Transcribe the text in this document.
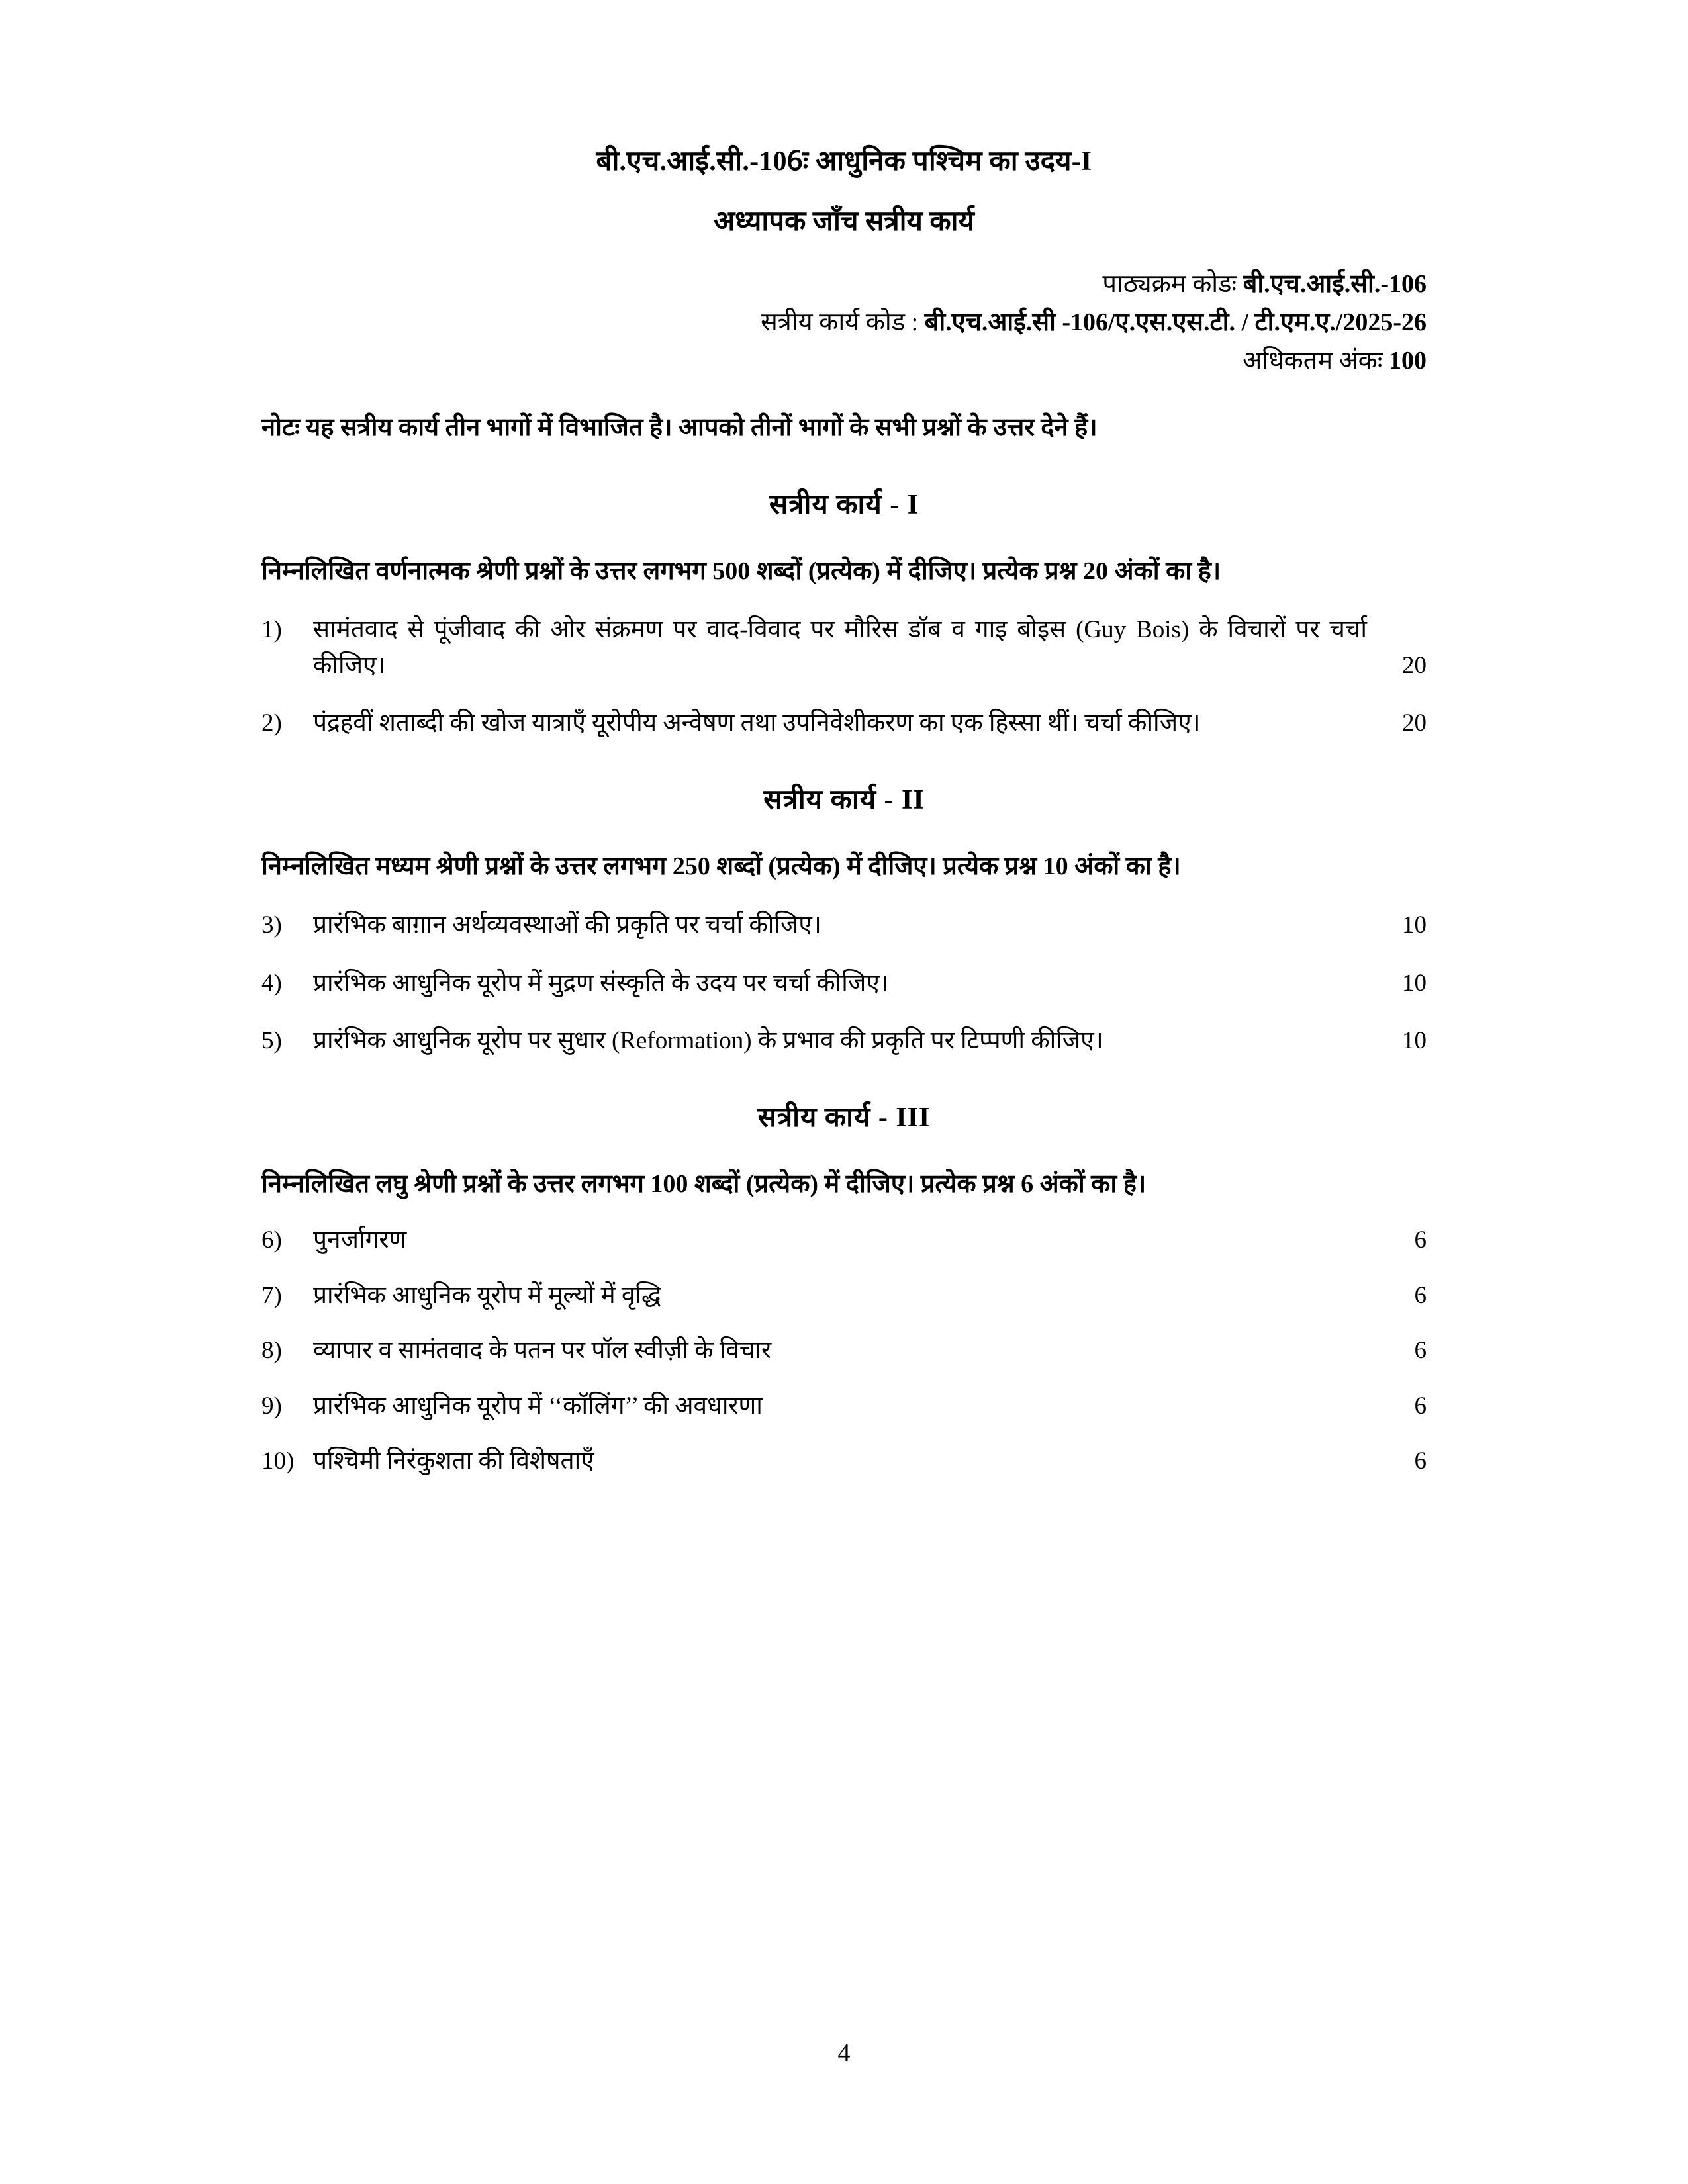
बी.एच.आई.सी.-106ः आधुनिक पश्चिम का उदय-I
अध्यापक जाँच सत्रीय कार्य
पाठ्यक्रम कोडः बी.एच.आई.सी.-106
सत्रीय कार्य कोड : बी.एच.आई.सी -106/ए.एस.एस.टी. / टी.एम.ए./2025-26
अधिकतम अंकः 100
नोटः यह सत्रीय कार्य तीन भागों में विभाजित है। आपको तीनों भागों के सभी प्रश्नों के उत्तर देने हैं।
सत्रीय कार्य - I
निम्नलिखित वर्णनात्मक श्रेणी प्रश्नों के उत्तर लगभग 500 शब्दों (प्रत्येक) में दीजिए। प्रत्येक प्रश्न 20 अंकों का है।
1)	सामंतवाद से पूंजीवाद की ओर संक्रमण पर वाद-विवाद पर मौरिस डॉब व गाइ बोइस (Guy Bois) के विचारों पर चर्चा कीजिए।	20
2)	पंद्रहवीं शताब्दी की खोज यात्राएँ यूरोपीय अन्वेषण तथा उपनिवेशीकरण का एक हिस्सा थीं। चर्चा कीजिए।	20
सत्रीय कार्य - II
निम्नलिखित मध्यम श्रेणी प्रश्नों के उत्तर लगभग 250 शब्दों (प्रत्येक) में दीजिए। प्रत्येक प्रश्न 10 अंकों का है।
3)	प्रारंभिक बाग़ान अर्थव्यवस्थाओं की प्रकृति पर चर्चा कीजिए।	10
4)	प्रारंभिक आधुनिक यूरोप में मुद्रण संस्कृति के उदय पर चर्चा कीजिए।	10
5)	प्रारंभिक आधुनिक यूरोप पर सुधार (Reformation) के प्रभाव की प्रकृति पर टिप्पणी कीजिए।	10
सत्रीय कार्य - III
निम्नलिखित लघु श्रेणी प्रश्नों के उत्तर लगभग 100 शब्दों (प्रत्येक) में दीजिए। प्रत्येक प्रश्न 6 अंकों का है।
6)	पुनर्जागरण	6
7)	प्रारंभिक आधुनिक यूरोप में मूल्यों में वृद्धि	6
8)	व्यापार व सामंतवाद के पतन पर पॉल स्वीज़ी के विचार	6
9)	प्रारंभिक आधुनिक यूरोप में ‘‘कॉलिंग’’ की अवधारणा	6
10) पश्चिमी निरंकुशता की विशेषताएँ	6
4
